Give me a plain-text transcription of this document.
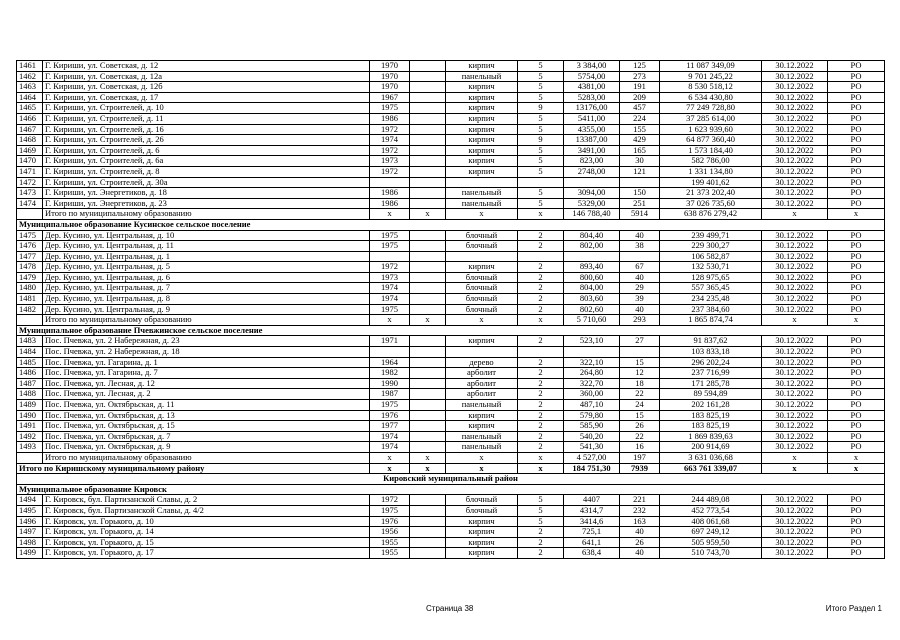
1461	Г. Кириши, ул. Советская, д. 12	1970		кирпич	5	3 384,00	125	11 087 349,09	30.12.2022	РО
1462	Г. Кириши, ул. Советская, д. 12а	1970		панельный	5	5754,00	273	9 701 245,22	30.12.2022	РО
1463	Г. Кириши, ул. Советская, д. 12б	1970		кирпич	5	4381,00	191	8 530 518,12	30.12.2022	РО
1464	Г. Кириши, ул. Советская, д. 17	1967		кирпич	5	5283,00	209	6 534 430,80	30.12.2022	РО
1465	Г. Кириши, ул. Строителей, д. 10	1975		кирпич	9	13176,00	457	77 249 728,80	30.12.2022	РО
1466	Г. Кириши, ул. Строителей, д. 11	1986		кирпич	5	5411,00	224	37 285 614,00	30.12.2022	РО
1467	Г. Кириши, ул. Строителей, д. 16	1972		кирпич	5	4355,00	155	1 623 939,60	30.12.2022	РО
1468	Г. Кириши, ул. Строителей, д. 26	1974		кирпич	9	13387,00	429	64 877 360,40	30.12.2022	РО
1469	Г. Кириши, ул. Строителей, д. 6	1972		кирпич	5	3491,00	165	1 573 184,40	30.12.2022	РО
1470	Г. Кириши, ул. Строителей, д. 6а	1973		кирпич	5	823,00	30	582 786,00	30.12.2022	РО
1471	Г. Кириши, ул. Строителей, д. 8	1972		кирпич	5	2748,00	121	1 331 134,80	30.12.2022	РО
1472	Г. Кириши, ул. Строителей, д. 30а							199 401,62	30.12.2022	РО
1473	Г. Кириши, ул. Энергетиков, д. 18	1986		панельный	5	3094,00	150	21 373 202,40	30.12.2022	РО
1474	Г. Кириши, ул. Энергетиков, д. 23	1986		панельный	5	5329,00	251	37 026 735,60	30.12.2022	РО
	Итого по муниципальному образованию	x	x	x	x	146 788,40	5914	638 876 279,42	x	x
Муниципальное образование Кусинское сельское поселение										
1475	Дер. Кусино, ул. Центральная, д. 10	1975		блочный	2	804,40	40	239 499,71	30.12.2022	РО
1476	Дер. Кусино, ул. Центральная, д. 11	1975		блочный	2	802,00	38	229 300,27	30.12.2022	РО
1477	Дер. Кусино, ул. Центральная, д. 1							106 582,87	30.12.2022	РО
1478	Дер. Кусино, ул. Центральная, д. 5	1972		кирпич	2	893,40	67	132 530,71	30.12.2022	РО
1479	Дер. Кусино, ул. Центральная, д. 6	1973		блочный	2	800,60	40	128 975,65	30.12.2022	РО
1480	Дер. Кусино, ул. Центральная, д. 7	1974		блочный	2	804,00	29	557 365,45	30.12.2022	РО
1481	Дер. Кусино, ул. Центральная, д. 8	1974		блочный	2	803,60	39	234 235,48	30.12.2022	РО
1482	Дер. Кусино, ул. Центральная, д. 9	1975		блочный	2	802,60	40	237 384,60	30.12.2022	РО
	Итого по муниципальному образованию	x	x	x	x	5 710,60	293	1 865 874,74	x	x
Муниципальное образование Пчевжинское сельское поселение										
1483	Пос. Пчевжа, ул. 2 Набережная, д. 23	1971		кирпич	2	523,10	27	91 837,62	30.12.2022	РО
1484	Пос. Пчевжа, ул. 2 Набережная, д. 18							103 833,18	30.12.2022	РО
1485	Пос. Пчевжа, ул. Гагарина, д. 1	1964		дерево	2	322,10	15	296 202,24	30.12.2022	РО
1486	Пос. Пчевжа, ул. Гагарина, д. 7	1982		арболит	2	264,80	12	237 716,99	30.12.2022	РО
1487	Пос. Пчевжа, ул. Лесная, д. 12	1990		арболит	2	322,70	18	171 285,78	30.12.2022	РО
1488	Пос. Пчевжа, ул. Лесная, д. 2	1987		арболит	2	360,00	22	89 594,89	30.12.2022	РО
1489	Пос. Пчевжа, ул. Октябрьская, д. 11	1975		панельный	2	487,10	24	202 161,28	30.12.2022	РО
1490	Пос. Пчевжа, ул. Октябрьская, д. 13	1976		кирпич	2	579,80	15	183 825,19	30.12.2022	РО
1491	Пос. Пчевжа, ул. Октябрьская, д. 15	1977		кирпич	2	585,90	26	183 825,19	30.12.2022	РО
1492	Пос. Пчевжа, ул. Октябрьская, д. 7	1974		панельный	2	540,20	22	1 869 839,63	30.12.2022	РО
1493	Пос. Пчевжа, ул. Октябрьская, д. 9	1974		панельный	2	541,30	16	200 914,69	30.12.2022	РО
	Итого по муниципальному образованию	x	x	x	x	4 527,00	197	3 631 036,68	x	x
Итого по Киришскому муниципальному району		x	x	x	x	184 751,30	7939	663 761 339,07	x	x
Кировский муниципальный район										
Муниципальное образование Кировск										
1494	Г. Кировск, бул. Партизанской Славы, д. 2	1972		блочный	5	4407	221	244 489,08	30.12.2022	РО
1495	Г. Кировск, бул. Партизанской Славы, д. 4/2	1975		блочный	5	4314,7	232	452 773,54	30.12.2022	РО
1496	Г. Кировск, ул. Горького, д. 10	1976		кирпич	5	3414,6	163	408 061,68	30.12.2022	РО
1497	Г. Кировск, ул. Горького, д. 14	1956		кирпич	2	725,1	40	697 249,12	30.12.2022	РО
1498	Г. Кировск, ул. Горького, д. 15	1955		кирпич	2	641,1	26	505 959,50	30.12.2022	РО
1499	Г. Кировск, ул. Горького, д. 17	1955		кирпич	2	638,4	40	510 743,70	30.12.2022	РО
Страница 38	Итого Раздел 1
